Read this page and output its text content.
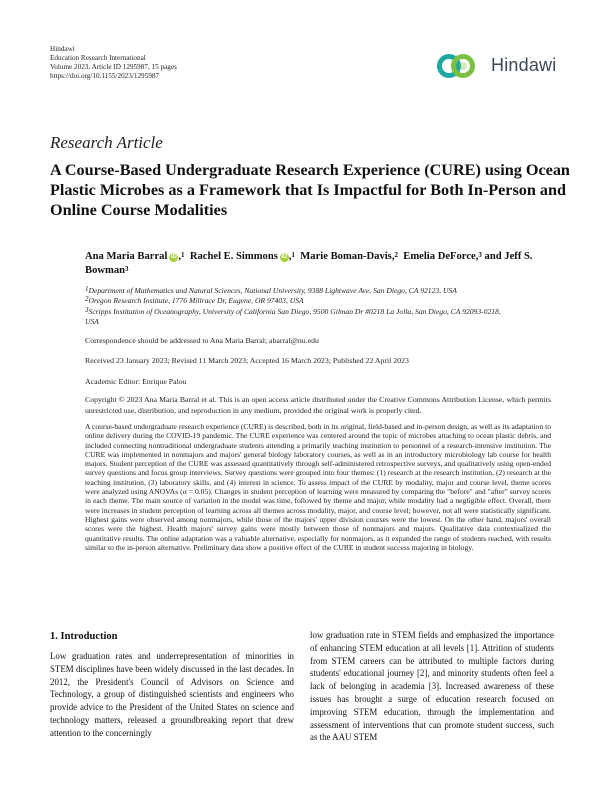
Hindawi
Education Research International
Volume 2023, Article ID 1295987, 15 pages
https://doi.org/10.1155/2023/1295987
Hindawi
Research Article
A Course-Based Undergraduate Research Experience (CURE) using Ocean Plastic Microbes as a Framework that Is Impactful for Both In-Person and Online Course Modalities
Ana Maria Barral iD ,$^1$ Rachel E. Simmons iD ,$^1$ Marie Boman-Davis,$^2$ Emelia DeForce,$^3$ and Jeff S. Bowman$^3$
$^1$Department of Mathematics and Natural Sciences, National University, 9388 Lightwave Ave, San Diego, CA 92123, USA
$^2$Oregon Research Institute, 1776 Millrace Dr, Eugene, OR 97403, USA
$^3$Scripps Institution of Oceanography, University of California San Diego, 9500 Gilman Dr #0218 La Jolla, San Diego, CA 92093-0218, USA
Correspondence should be addressed to Ana Maria Barral; abarral@nu.edu
Received 23 January 2023; Revised 11 March 2023; Accepted 16 March 2023; Published 22 April 2023
Academic Editor: Enrique Palou
Copyright © 2023 Ana Maria Barral et al. This is an open access article distributed under the Creative Commons Attribution License, which permits unrestricted use, distribution, and reproduction in any medium, provided the original work is properly cited.
A course-based undergraduate research experience (CURE) is described, both in its original, field-based and in-person design, as well as its adaptation to online delivery during the COVID-19 pandemic. The CURE experience was centered around the topic of microbes attaching to ocean plastic debris, and included connecting nontraditional undergraduate students attending a primarily teaching institution to personnel of a research-intensive institution. The CURE was implemented in nonmajors and majors' general biology laboratory courses, as well as in an introductory microbiology lab course for health majors. Student perception of the CURE was assessed quantitatively through self-administered retrospective surveys, and qualitatively using open-ended survey questions and focus group interviews. Survey questions were grouped into four themes: (1) research at the research institution, (2) research at the teaching institution, (3) laboratory skills, and (4) interest in science. To assess impact of the CURE by modality, major and course level, theme scores were analyzed using ANOVAs (α = 0.05). Changes in student perception of learning were measured by comparing the "before" and "after" survey scores in each theme. The main source of variation in the model was time, followed by theme and major, while modality had a negligible effect. Overall, there were increases in student perception of learning across all themes across modality, major, and course level; however, not all were statistically significant. Highest gains were observed among nonmajors, while those of the majors' upper division courses were the lowest. On the other hand, majors' overall scores were the highest. Health majors' survey gains were mostly between those of nonmajors and majors. Qualitative data contextualized the quantitative results. The online adaptation was a valuable alternative, especially for nonmajors, as it expanded the range of students reached, with results similar to the in-person alternative. Preliminary data show a positive effect of the CURE in student success majoring in biology.
1. Introduction
Low graduation rates and underrepresentation of minorities in STEM disciplines have been widely discussed in the last decades. In 2012, the President's Council of Advisors on Science and Technology, a group of distinguished scientists and engineers who provide advice to the President of the United States on science and technology matters, released a groundbreaking report that drew attention to the concerningly
low graduation rate in STEM fields and emphasized the importance of enhancing STEM education at all levels [1]. Attrition of students from STEM careers can be attributed to multiple factors during students' educational journey [2], and minority students often feel a lack of belonging in academia [3]. Increased awareness of these issues has brought a surge of education research focused on improving STEM education, through the implementation and assessment of interventions that can promote student success, such as the AAU STEM
